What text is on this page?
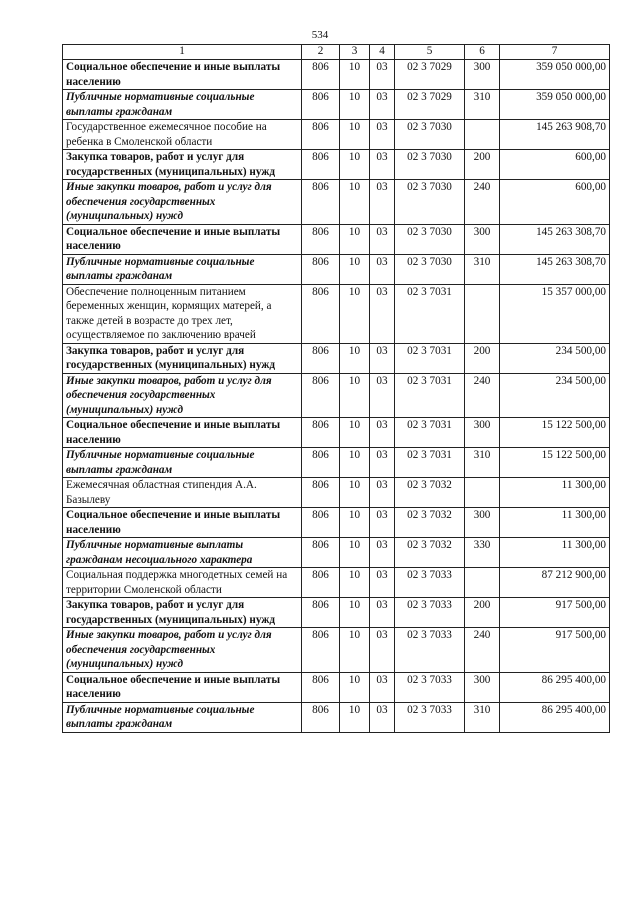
534
1	2	3	4	5	6	7
Социальное обеспечение и иные выплаты населению	806	10	03	02 3 7029	300	359 050 000,00
Публичные нормативные социальные выплаты гражданам	806	10	03	02 3 7029	310	359 050 000,00
Государственное ежемесячное пособие на ребенка в Смоленской области	806	10	03	02 3 7030		145 263 908,70
Закупка товаров, работ и услуг для государственных (муниципальных) нужд	806	10	03	02 3 7030	200	600,00
Иные закупки товаров, работ и услуг для обеспечения государственных (муниципальных) нужд	806	10	03	02 3 7030	240	600,00
Социальное обеспечение и иные выплаты населению	806	10	03	02 3 7030	300	145 263 308,70
Публичные нормативные социальные выплаты гражданам	806	10	03	02 3 7030	310	145 263 308,70
Обеспечение полноценным питанием беременных женщин, кормящих матерей, а также детей в возрасте до трех лет, осуществляемое по заключению врачей	806	10	03	02 3 7031		15 357 000,00
Закупка товаров, работ и услуг для государственных (муниципальных) нужд	806	10	03	02 3 7031	200	234 500,00
Иные закупки товаров, работ и услуг для обеспечения государственных (муниципальных) нужд	806	10	03	02 3 7031	240	234 500,00
Социальное обеспечение и иные выплаты населению	806	10	03	02 3 7031	300	15 122 500,00
Публичные нормативные социальные выплаты гражданам	806	10	03	02 3 7031	310	15 122 500,00
Ежемесячная областная стипендия А.А. Базылеву	806	10	03	02 3 7032		11 300,00
Социальное обеспечение и иные выплаты населению	806	10	03	02 3 7032	300	11 300,00
Публичные нормативные выплаты гражданам несоциального характера	806	10	03	02 3 7032	330	11 300,00
Социальная поддержка многодетных семей на территории Смоленской области	806	10	03	02 3 7033		87 212 900,00
Закупка товаров, работ и услуг для государственных (муниципальных) нужд	806	10	03	02 3 7033	200	917 500,00
Иные закупки товаров, работ и услуг для обеспечения государственных (муниципальных) нужд	806	10	03	02 3 7033	240	917 500,00
Социальное обеспечение и иные выплаты населению	806	10	03	02 3 7033	300	86 295 400,00
Публичные нормативные социальные выплаты гражданам	806	10	03	02 3 7033	310	86 295 400,00
